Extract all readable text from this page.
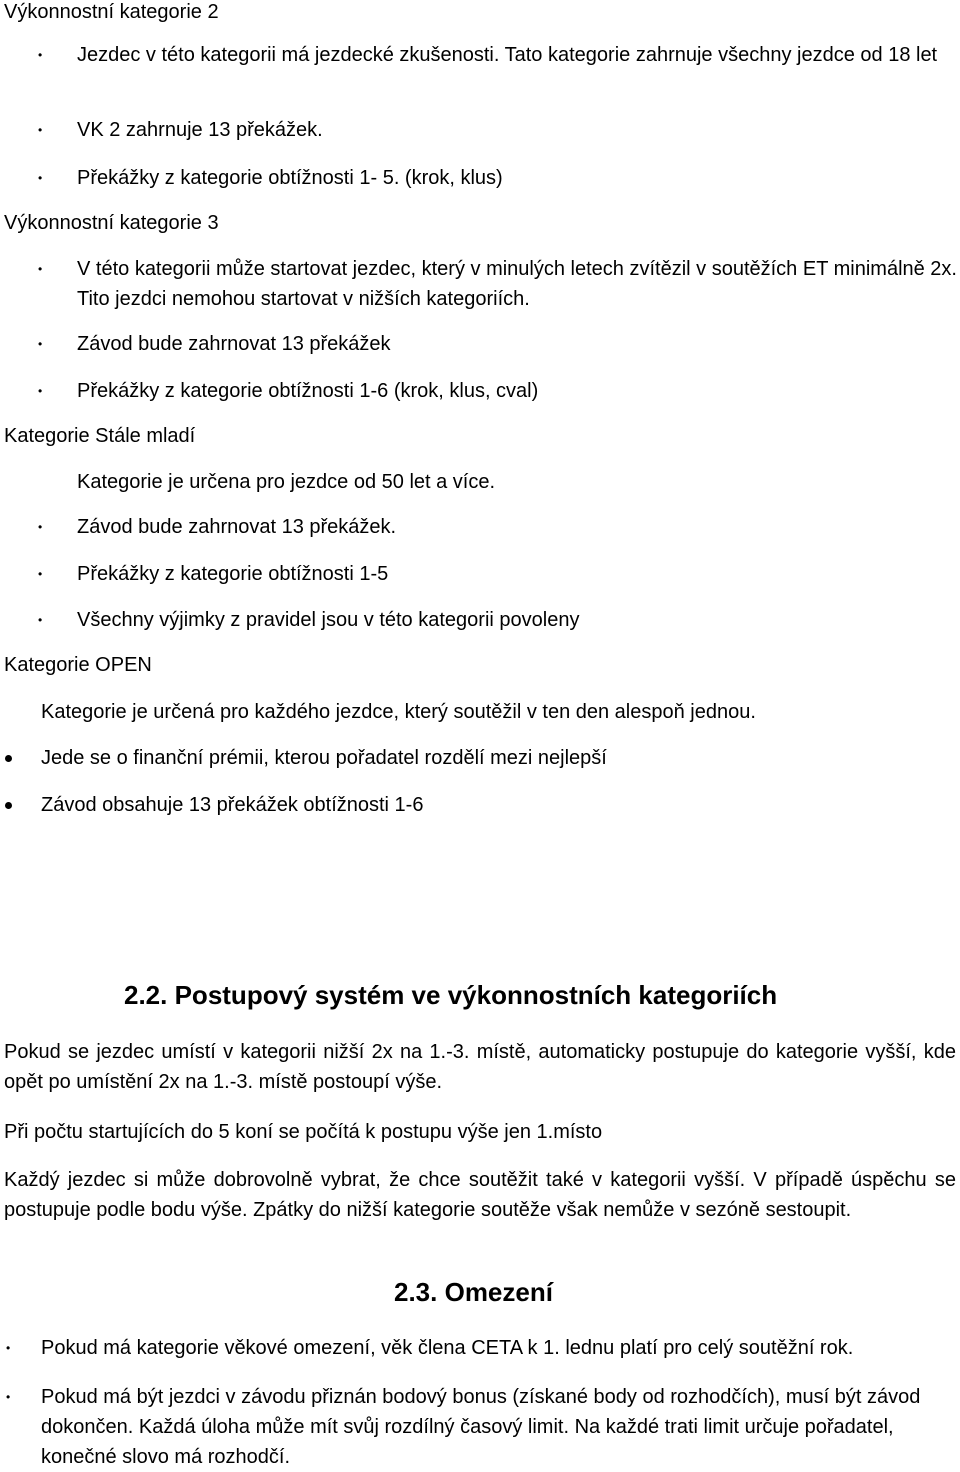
Výkonnostní kategorie 2
• Jezdec v této kategorii má jezdecké zkušenosti. Tato kategorie zahrnuje všechny jezdce od 18 let
• VK 2 zahrnuje 13 překážek.
• Překážky z kategorie obtížnosti 1- 5. (krok, klus)
Výkonnostní kategorie 3
• V této kategorii může startovat jezdec, který v minulých letech zvítězil v soutěžích ET minimálně 2x. Tito jezdci nemohou startovat v nižších kategoriích.
• Závod bude zahrnovat 13 překážek
• Překážky z kategorie obtížnosti 1-6 (krok, klus, cval)
Kategorie Stále mladí
Kategorie je určena pro jezdce od 50 let a více.
• Závod bude zahrnovat 13 překážek.
• Překážky z kategorie obtížnosti 1-5
• Všechny výjimky z pravidel jsou v této kategorii povoleny
Kategorie OPEN
Kategorie je určená pro každého jezdce, který soutěžil v ten den alespoň jednou.
Jede se o finanční prémii, kterou pořadatel rozdělí mezi nejlepší
Závod obsahuje 13 překážek obtížnosti 1-6
2.2. Postupový systém ve výkonnostních kategoriích
Pokud se jezdec umístí v kategorii nižší 2x na 1.-3. místě, automaticky postupuje do kategorie vyšší, kde opět po umístění 2x na 1.-3. místě postoupí výše.
Při počtu startujících do 5 koní se počítá k postupu výše jen 1.místo
Každý jezdec si může dobrovolně vybrat, že chce soutěžit také v kategorii vyšší. V případě úspěchu se postupuje podle bodu výše. Zpátky do nižší kategorie soutěže však nemůže v sezóně sestoupit.
2.3. Omezení
• Pokud má kategorie věkové omezení, věk člena CETA k 1. lednu platí pro celý soutěžní rok.
• Pokud má být jezdci v závodu přiznán bodový bonus (získané body od rozhodčích), musí být závod dokončen. Každá úloha může mít svůj rozdílný časový limit. Na každé trati limit určuje pořadatel, konečné slovo má rozhodčí.
